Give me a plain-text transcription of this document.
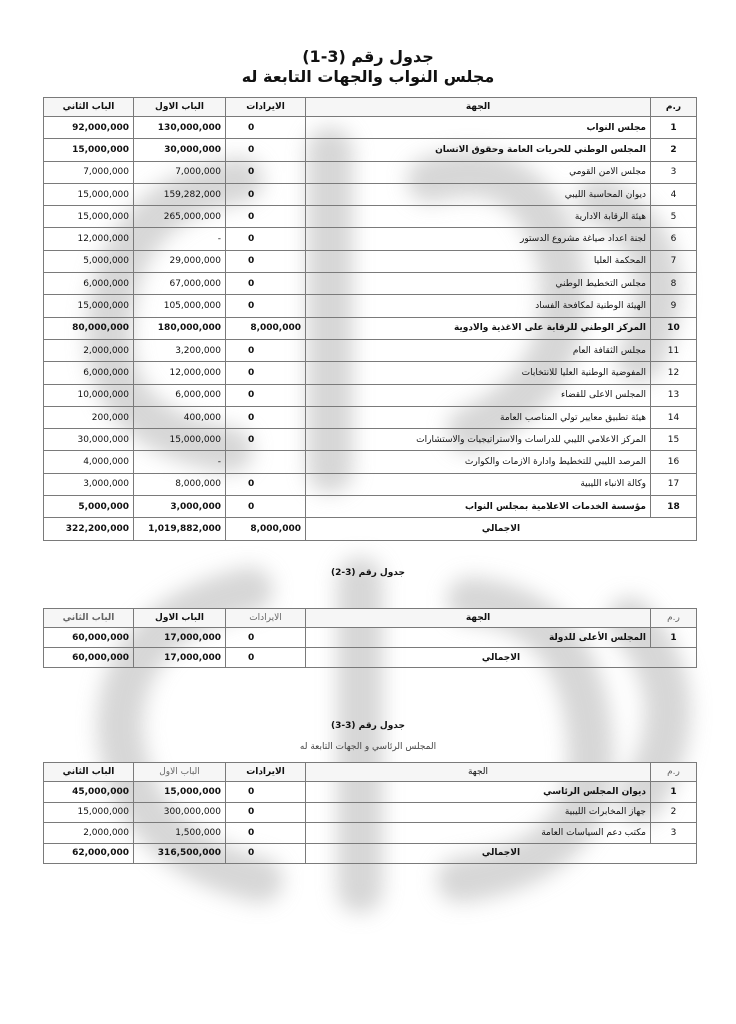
جدول رقم (3-1)
مجلس النواب والجهات التابعة له
الباب الثاني	الباب الاول	الايرادات	الجهة	ر.م
92,000,000	130,000,000	0	مجلس النواب	1
15,000,000	30,000,000	0	المجلس الوطني للحريات العامة وحقوق الانسان	2
7,000,000	7,000,000	0	مجلس الامن القومي	3
15,000,000	159,282,000	0	ديوان المحاسبة الليبي	4
15,000,000	265,000,000	0	هيئة الرقابة الادارية	5
12,000,000	-	0	لجنة اعداد صياغة مشروع الدستور	6
5,000,000	29,000,000	0	المحكمة العليا	7
6,000,000	67,000,000	0	مجلس التخطيط الوطني	8
15,000,000	105,000,000	0	الهيئة الوطنية لمكافحة الفساد	9
80,000,000	180,000,000	8,000,000	المركز الوطني للرقابة على الاغذية والادوية	10
2,000,000	3,200,000	0	مجلس الثقافة العام	11
6,000,000	12,000,000	0	المفوضية الوطنية العليا للانتخابات	12
10,000,000	6,000,000	0	المجلس الاعلى للقضاء	13
200,000	400,000	0	هيئة تطبيق معايير تولي المناصب العامة	14
30,000,000	15,000,000	0	المركز الاعلامي الليبي للدراسات والاستراتيجيات والاستشارات	15
4,000,000	-		المرصد الليبي للتخطيط وادارة الازمات والكوارث	16
3,000,000	8,000,000	0	وكالة الانباء الليبية	17
5,000,000	3,000,000	0	مؤسسة الخدمات الاعلامية بمجلس النواب	18
322,200,000	1,019,882,000	8,000,000	الاجمالي	
جدول رقم (3-2)
الباب الثاني	الباب الاول	الايرادات	الجهة	ر.م
60,000,000	17,000,000	0	المجلس الأعلى للدولة	1
60,000,000	17,000,000	0	الاجمالي	
جدول رقم (3-3)
المجلس الرئاسي و الجهات التابعة له
الباب الثاني	الباب الاول	الايرادات	الجهة	ر.م
45,000,000	15,000,000	0	ديوان المجلس الرئاسي	1
15,000,000	300,000,000	0	جهاز المخابرات الليبية	2
2,000,000	1,500,000	0	مكتب دعم السياسات العامة	3
62,000,000	316,500,000	0	الاجمالي	
